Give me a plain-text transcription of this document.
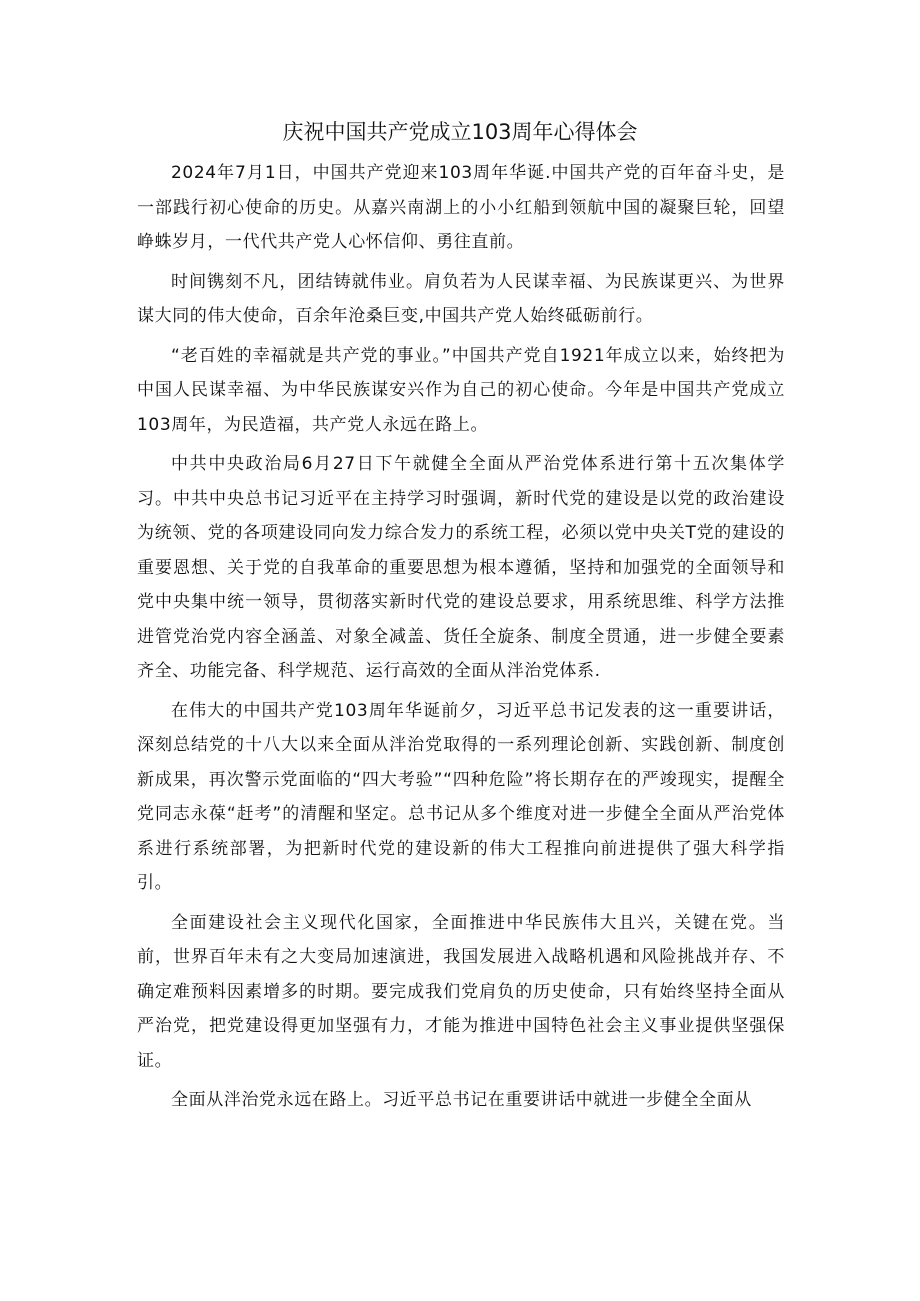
庆祝中国共产党成立103周年心得体会

2024年7月1日，中国共产党迎来103周年华诞.中国共产党的百年奋斗史，是一部践行初心使命的历史。从嘉兴南湖上的小小红船到领航中国的凝聚巨轮，回望峥蛛岁月，一代代共产党人心怀信仰、勇往直前。

时间镌刻不凡，团结铸就伟业。肩负若为人民谋幸福、为民族谋更兴、为世界谋大同的伟大使命，百余年沧桑巨变,中国共产党人始终砥砺前行。

“老百姓的幸福就是共产党的事业。”中国共产党自1921年成立以来，始终把为中国人民谋幸福、为中华民族谋安兴作为自己的初心使命。今年是中国共产党成立103周年，为民造福，共产党人永远在路上。

中共中央政治局6月27日下午就健全全面从严治党体系进行第十五次集体学习。中共中央总书记习近平在主持学习时强调，新时代党的建设是以党的政治建设为统领、党的各项建设同向发力综合发力的系统工程，必须以党中央关T党的建设的重要恩想、关于党的自我革命的重要思想为根本遵循，坚持和加强党的全面领导和党中央集中统一领导，贯彻落实新时代党的建设总要求，用系统思维、科学方法推进管党治党内容全涵盖、对象全减盖、货任全旋条、制度全贯通，进一步健全要素齐全、功能完备、科学规范、运行高效的全面从泮治党体系.

在伟大的中国共产党103周年华诞前夕，习近平总书记发表的这一重要讲话，深刻总结党的十八大以来全面从泮治党取得的一系列理论创新、实践创新、制度创新成果，再次警示党面临的“四大考验”“四种危险”将长期存在的严竣现实，提醒全党同志永葆“赶考”的清醒和坚定。总书记从多个维度对进一步健全全面从严治党体系进行系统部署，为把新时代党的建设新的伟大工程推向前进提供了强大科学指引。

全面建设社会主义现代化国家，全面推进中华民族伟大且兴，关键在党。当前，世界百年未有之大变局加速演进，我国发展进入战略机遇和风险挑战并存、不确定难预料因素增多的时期。要完成我们党肩负的历史使命，只有始终坚持全面从严治党，把党建设得更加坚强有力，才能为推进中国特色社会主义事业提供坚强保证。

全面从泮治党永远在路上。习近平总书记在重要讲话中就进一步健全全面从
